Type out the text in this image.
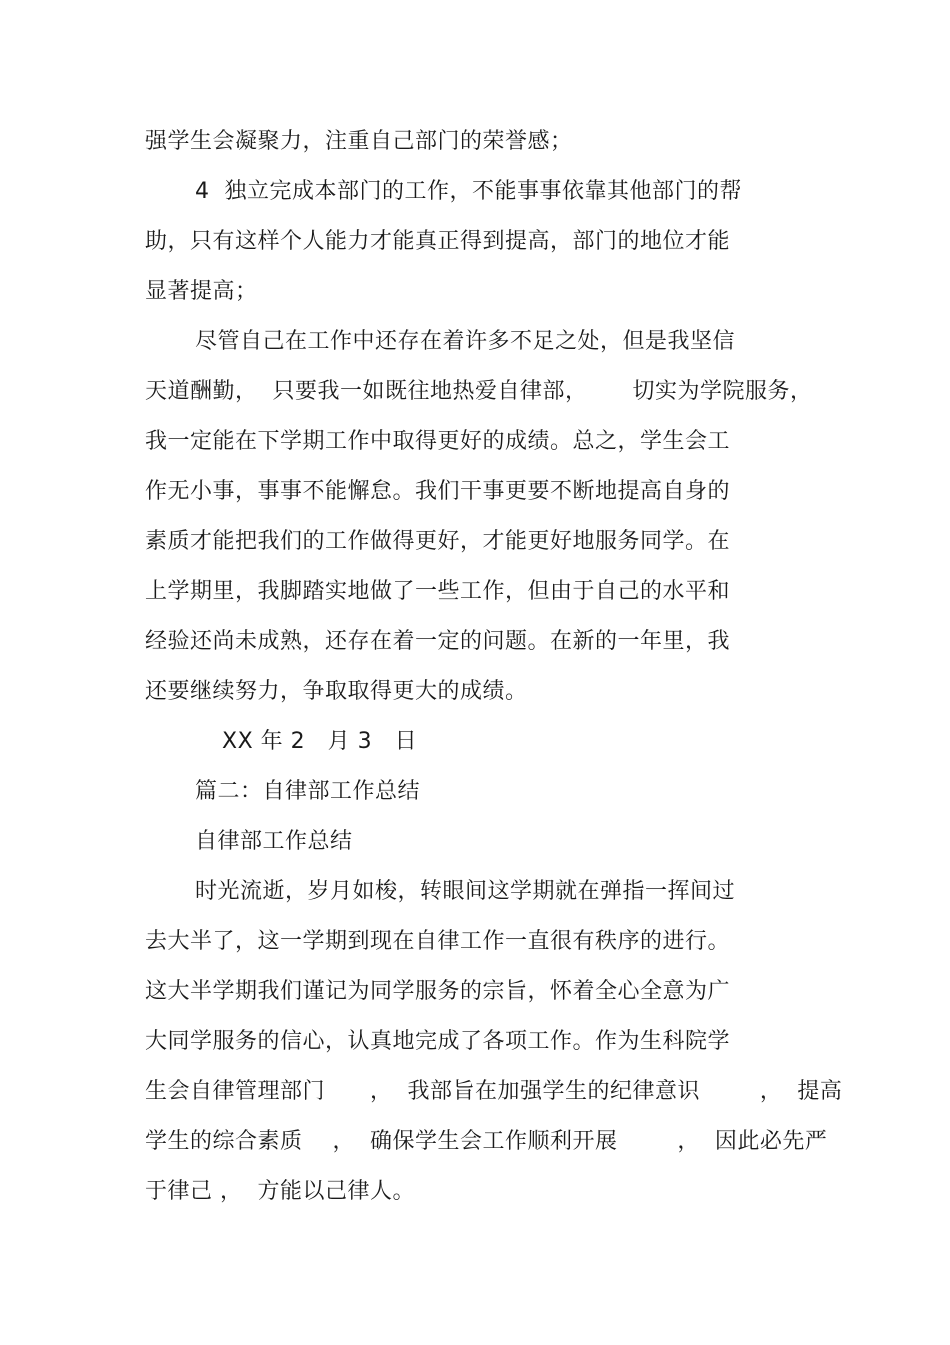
强学生会凝聚力，注重自己部门的荣誉感；
4  独立完成本部门的工作，不能事事依靠其他部门的帮
助，只有这样个人能力才能真正得到提高，部门的地位才能
显著提高；
尽管自己在工作中还存在着许多不足之处，但是我坚信
天道酬勤，  只要我一如既往地热爱自律部，      切实为学院服务，
我一定能在下学期工作中取得更好的成绩。总之，学生会工
作无小事，事事不能懈怠。我们干事更要不断地提高自身的
素质才能把我们的工作做得更好，才能更好地服务同学。在
上学期里，我脚踏实地做了一些工作，但由于自己的水平和
经验还尚未成熟，还存在着一定的问题。在新的一年里，我
还要继续努力，争取取得更大的成绩。
XX 年 2   月 3   日
篇二：自律部工作总结
自律部工作总结
时光流逝，岁月如梭，转眼间这学期就在弹指一挥间过
去大半了，这一学期到现在自律工作一直很有秩序的进行。
这大半学期我们谨记为同学服务的宗旨，怀着全心全意为广
大同学服务的信心，认真地完成了各项工作。作为生科院学
生会自律管理部门      ，  我部旨在加强学生的纪律意识        ，  提高
学生的综合素质    ，  确保学生会工作顺利开展        ，  因此必先严
于律己 ，  方能以己律人。
